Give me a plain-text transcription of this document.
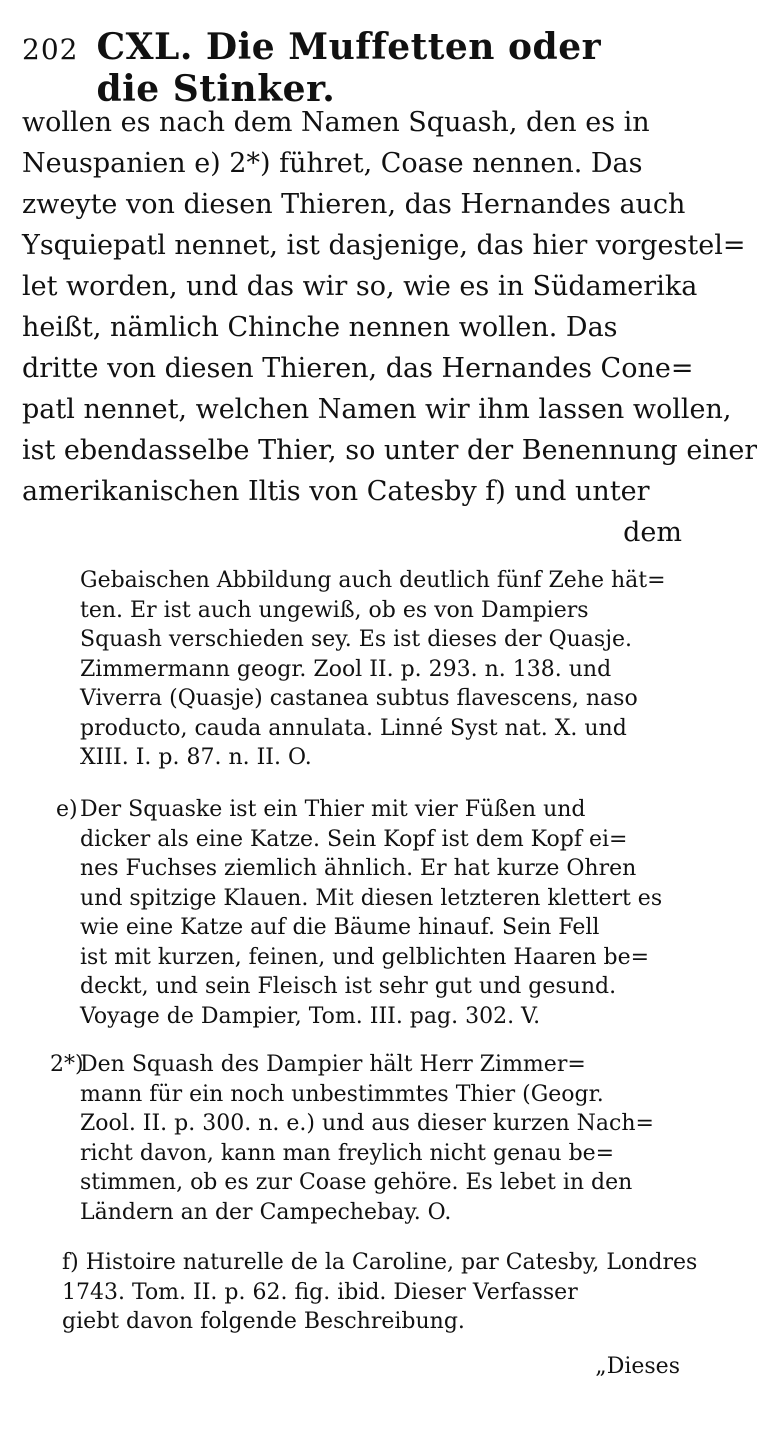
202 CXL. Die Muffetten oder die Stinker.
wollen es nach dem Namen Squash, den es in
Neuspanien e) 2*) führet, Coase nennen. Das
zweyte von diesen Thieren, das Hernandes auch
Ysquiepatl nennet, ist dasjenige, das hier vorgestel=
let worden, und das wir so, wie es in Südamerika
heißt, nämlich Chinche nennen wollen. Das
dritte von diesen Thieren, das Hernandes Cone=
patl nennet, welchen Namen wir ihm lassen wollen,
ist ebendasselbe Thier, so unter der Benennung einer
amerikanischen Iltis von Catesby f) und unter
dem
Gebaischen Abbildung auch deutlich fünf Zehe hät=
ten. Er ist auch ungewiß, ob es von Dampiers
Squash verschieden sey. Es ist dieses der Quasje.
Zimmermann geogr. Zool II. p. 293. n. 138. und
Viverra (Quasje) castanea subtus flavescens, naso
producto, cauda annulata. Linné Syst nat. X. und
XIII. I. p. 87. n. II. O.
e) Der Squaske ist ein Thier mit vier Füßen und
dicker als eine Katze. Sein Kopf ist dem Kopf ei=
nes Fuchses ziemlich ähnlich. Er hat kurze Ohren
und spitzige Klauen. Mit diesen letzteren klettert es
wie eine Katze auf die Bäume hinauf. Sein Fell
ist mit kurzen, feinen, und gelblichten Haaren be=
deckt, und sein Fleisch ist sehr gut und gesund.
Voyage de Dampier, Tom. III. pag. 302. V.
2*)
Den Squash des Dampier hält Herr Zimmer=
mann für ein noch unbestimmtes Thier (Geogr.
Zool. II. p. 300. n. e.) und aus dieser kurzen Nach=
richt davon, kann man freylich nicht genau be=
stimmen, ob es zur Coase gehöre. Es lebet in den
Ländern an der Campechebay. O.
f) Histoire naturelle de la Caroline, par Catesby, Londres
1743. Tom. II. p. 62. fig. ibid. Dieser Verfasser
giebt davon folgende Beschreibung.
„Dieses
